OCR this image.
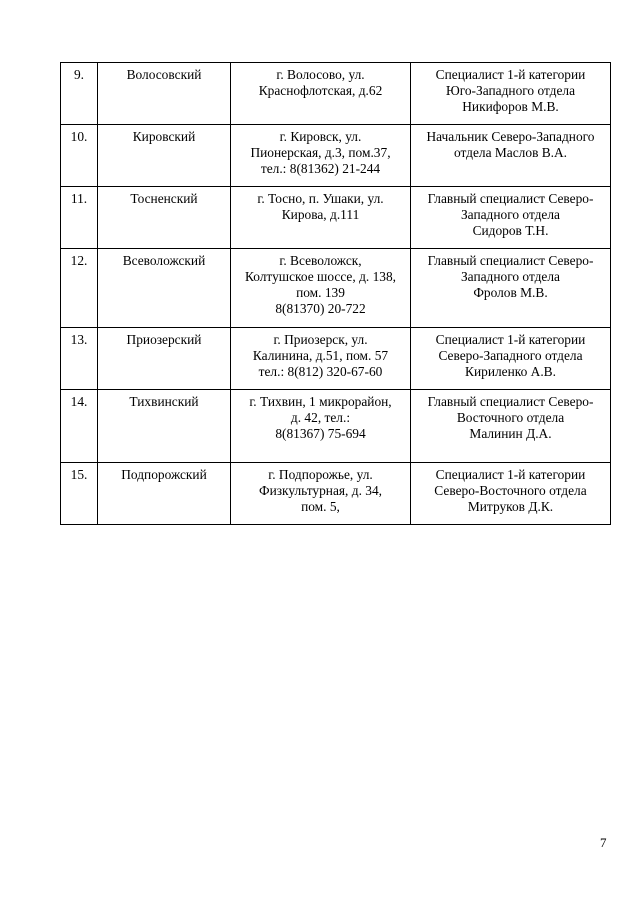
9.	Волосовский	г. Волосово, ул.
Краснофлотская, д.62	Специалист 1-й категории
Юго-Западного отдела
Никифоров М.В.

10.	Кировский	г. Кировск, ул.
Пионерская, д.3, пом.37,
тел.: 8(81362) 21-244	Начальник Северо-Западного
отдела Маслов В.А.

11.	Тосненский	г. Тосно, п. Ушаки, ул.
Кирова, д.111	Главный специалист Северо-
Западного отдела
Сидоров Т.Н.

12.	Всеволожский	г. Всеволожск,
Колтушское шоссе, д. 138,
пом. 139
8(81370) 20-722	Главный специалист Северо-
Западного отдела
Фролов М.В.

13.	Приозерский	г. Приозерск, ул.
Калинина, д.51, пом. 57
тел.: 8(812) 320-67-60	Специалист 1-й категории
Северо-Западного отдела
Кириленко А.В.

14.	Тихвинский	г. Тихвин, 1 микрорайон,
д. 42, тел.:
8(81367) 75-694	Главный специалист Северо-
Восточного отдела
Малинин Д.А.

15.	Подпорожский	г. Подпорожье, ул.
Физкультурная, д. 34,
пом. 5,	Специалист 1-й категории
Северо-Восточного отдела
Митруков Д.К.
7
